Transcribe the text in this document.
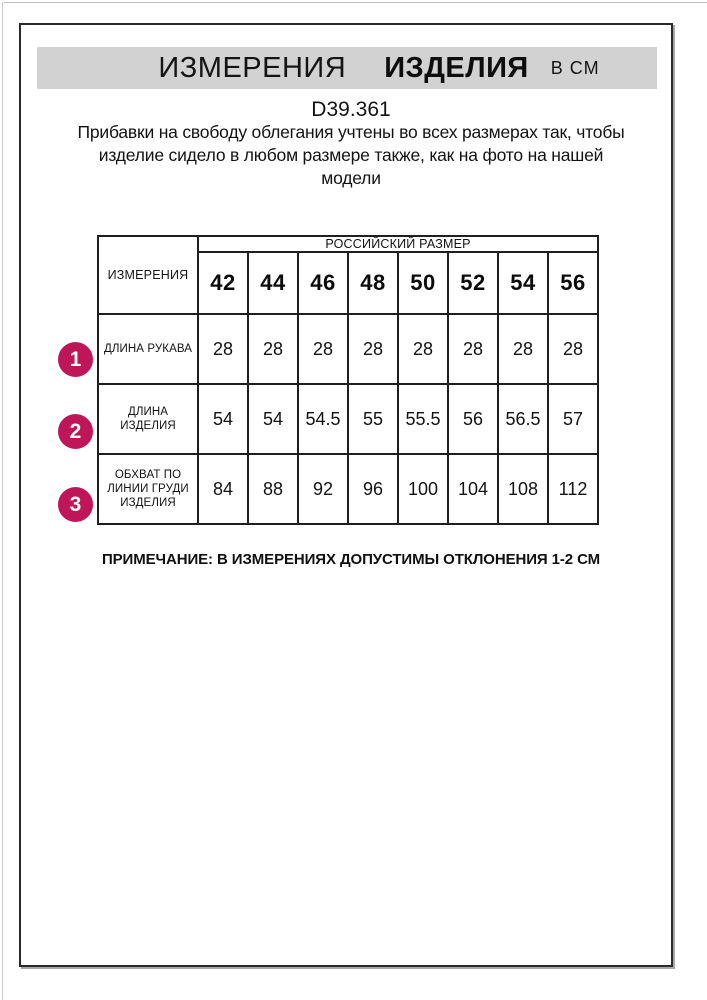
ИЗМЕРЕНИЯ ИЗДЕЛИЯ В СМ
D39.361
Прибавки на свободу облегания учтены во всех размерах так, чтобы
изделие сидело в любом размере также, как на фото на нашей
модели
ИЗМЕРЕНИЯ	РОССИЙСКИЙ РАЗМЕР							
	42	44	46	48	50	52	54	56

ДЛИНА РУКАВА	28	28	28	28	28	28	28	28

ДЛИНА
ИЗДЕЛИЯ	54	54	54.5	55	55.5	56	56.5	57

ОБХВАТ ПО
ЛИНИИ ГРУДИ
ИЗДЕЛИЯ	84	88	92	96	100	104	108	112
1
2
3
ПРИМЕЧАНИЕ: В ИЗМЕРЕНИЯХ ДОПУСТИМЫ ОТКЛОНЕНИЯ 1-2 СМ
